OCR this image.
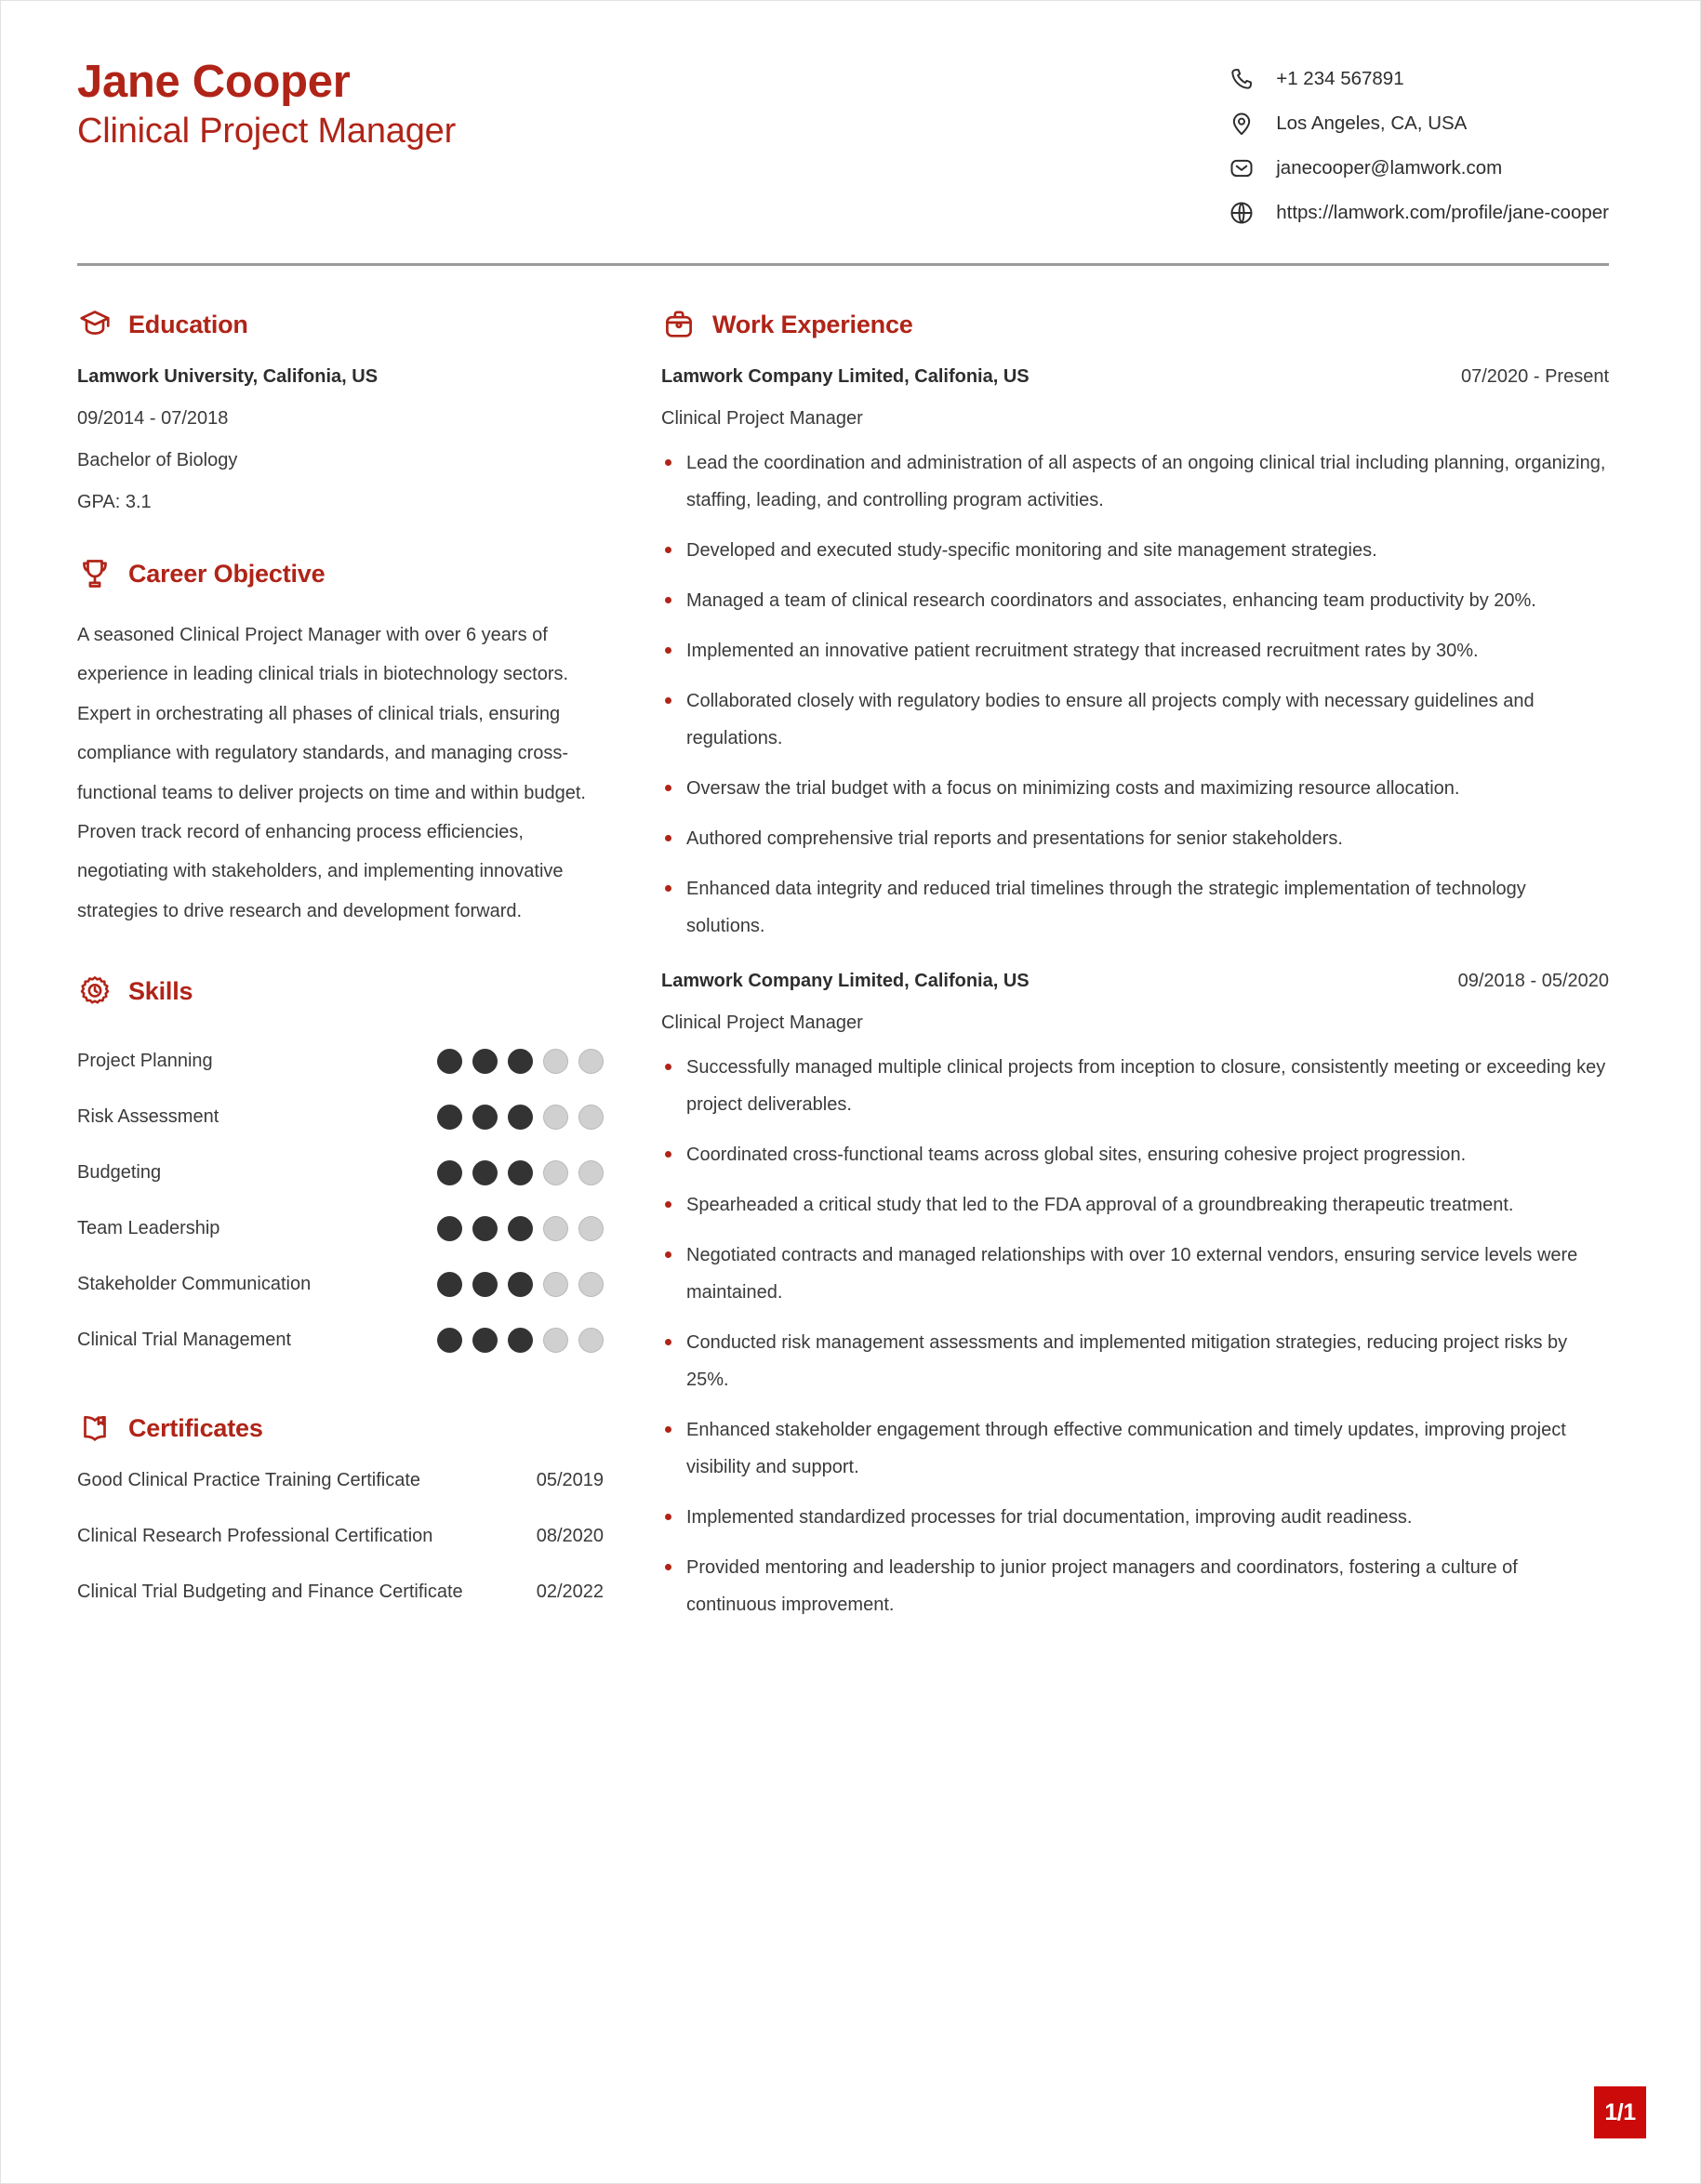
Jane Cooper
Clinical Project Manager
+1 234 567891
Los Angeles, CA, USA
janecooper@lamwork.com
https://lamwork.com/profile/jane-cooper
Education
Lamwork University, Califonia, US
09/2014 - 07/2018
Bachelor of Biology
GPA: 3.1
Career Objective

A seasoned Clinical Project Manager with over 6 years of experience in leading clinical trials in biotechnology sectors. Expert in orchestrating all phases of clinical trials, ensuring compliance with regulatory standards, and managing cross-functional teams to deliver projects on time and within budget. Proven track record of enhancing process efficiencies, negotiating with stakeholders, and implementing innovative strategies to drive research and development forward.

Skills
Project Planning
Risk Assessment
Budgeting
Team Leadership
Stakeholder Communication
Clinical Trial Management
Certificates
Good Clinical Practice Training Certificate	05/2019
Clinical Research Professional Certification	08/2020
Clinical Trial Budgeting and Finance Certificate	02/2022
Work Experience
Lamwork Company Limited, Califonia, US	07/2020 - Present
Clinical Project Manager
Lead the coordination and administration of all aspects of an ongoing clinical trial including planning, organizing, staffing, leading, and controlling program activities.
Developed and executed study-specific monitoring and site management strategies.
Managed a team of clinical research coordinators and associates, enhancing team productivity by 20%.
Implemented an innovative patient recruitment strategy that increased recruitment rates by 30%.
Collaborated closely with regulatory bodies to ensure all projects comply with necessary guidelines and regulations.
Oversaw the trial budget with a focus on minimizing costs and maximizing resource allocation.
Authored comprehensive trial reports and presentations for senior stakeholders.
Enhanced data integrity and reduced trial timelines through the strategic implementation of technology solutions.
Lamwork Company Limited, Califonia, US	09/2018 - 05/2020
Clinical Project Manager
Successfully managed multiple clinical projects from inception to closure, consistently meeting or exceeding key project deliverables.
Coordinated cross-functional teams across global sites, ensuring cohesive project progression.
Spearheaded a critical study that led to the FDA approval of a groundbreaking therapeutic treatment.
Negotiated contracts and managed relationships with over 10 external vendors, ensuring service levels were maintained.
Conducted risk management assessments and implemented mitigation strategies, reducing project risks by 25%.
Enhanced stakeholder engagement through effective communication and timely updates, improving project visibility and support.
Implemented standardized processes for trial documentation, improving audit readiness.
Provided mentoring and leadership to junior project managers and coordinators, fostering a culture of continuous improvement.
1/1
